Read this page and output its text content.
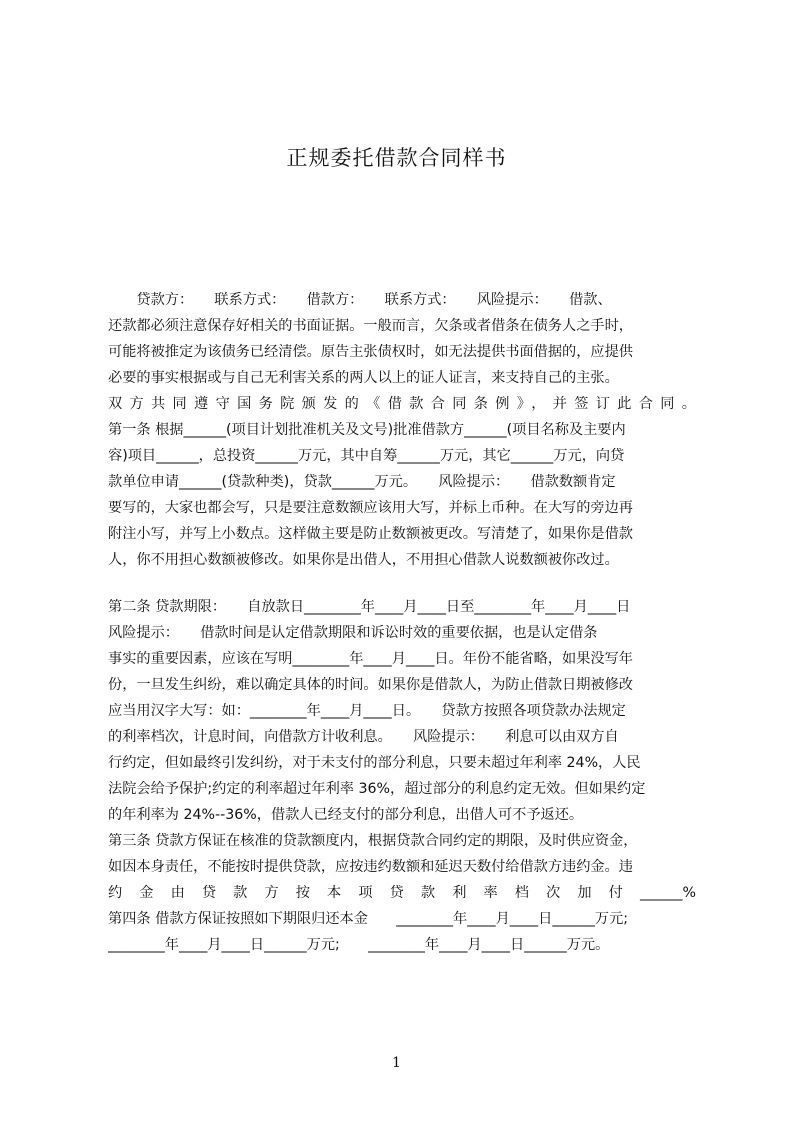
正规委托借款合同样书
　　贷款方：　　联系方式：　　借款方：　　联系方式：　　风险提示：　　借款、
还款都必须注意保存好相关的书面证据。一般而言，欠条或者借条在债务人之手时，
可能将被推定为该债务已经清偿。原告主张债权时，如无法提供书面借据的，应提供
必要的事实根据或与自己无利害关系的两人以上的证人证言，来支持自己的主张。
双方共同遵守国务院颁发的《借款合同条例》，并签订此合同。
第一条 根据______(项目计划批准机关及文号)批准借款方______(项目名称及主要内
容)项目______，总投资______万元，其中自筹______万元，其它______万元，向贷
款单位申请______(贷款种类)，贷款______万元。　　风险提示：　　借款数额肯定
要写的，大家也都会写，只是要注意数额应该用大写，并标上币种。在大写的旁边再
附注小写，并写上小数点。这样做主要是防止数额被更改。写清楚了，如果你是借款
人，你不用担心数额被修改。如果你是出借人，不用担心借款人说数额被你改过。
第二条 贷款期限：　　自放款日________年____月____日至________年____月____日
风险提示：　　借款时间是认定借款期限和诉讼时效的重要依据，也是认定借条
事实的重要因素，应该在写明________年____月____日。年份不能省略，如果没写年
份，一旦发生纠纷，难以确定具体的时间。如果你是借款人，为防止借款日期被修改
应当用汉字大写：如：________年____月____日。　　贷款方按照各项贷款办法规定
的利率档次，计息时间，向借款方计收利息。　　风险提示：　　利息可以由双方自
行约定，但如最终引发纠纷，对于未支付的部分利息，只要未超过年利率 24%，人民
法院会给予保护;约定的利率超过年利率 36%，超过部分的利息约定无效。但如果约定
的年利率为 24%--36%，借款人已经支付的部分利息，出借人可不予返还。
第三条 贷款方保证在核准的贷款额度内，根据贷款合同约定的期限，及时供应资金，
如因本身责任，不能按时提供贷款，应按违约数额和延迟天数付给借款方违约金。违
约金由贷款方按本项贷款利率档次加付______%
第四条 借款方保证按照如下期限归还本金　　________年____月____日______万元;
________年____月____日______万元;　　________年____月____日______万元。
1
